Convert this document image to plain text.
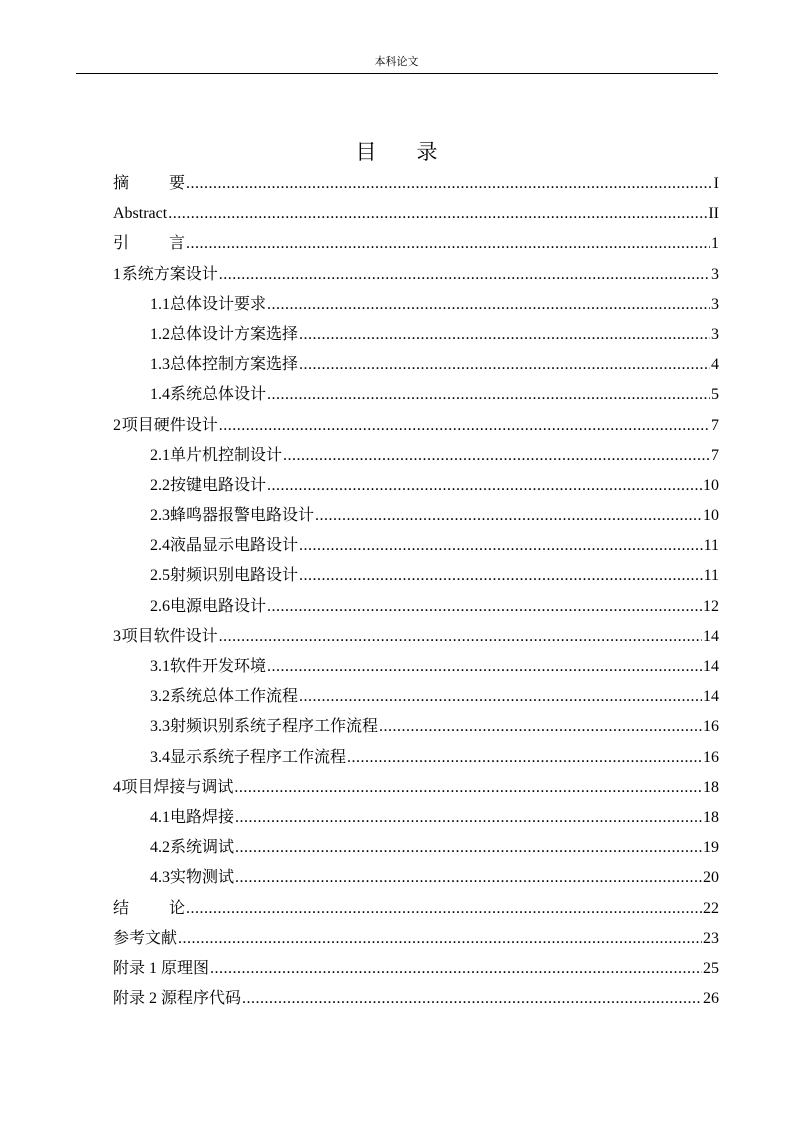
本科论文
目录
摘要 .....	I
Abstract .....	II
引言 .....	1
1 系统方案设计 .....	3
1.1 总体设计要求 .....	3
1.2 总体设计方案选择 .....	3
1.3 总体控制方案选择 .....	4
1.4 系统总体设计 .....	5
2 项目硬件设计 .....	7
2.1 单片机控制设计 .....	7
2.2 按键电路设计 .....	10
2.3 蜂鸣器报警电路设计 .....	10
2.4 液晶显示电路设计 .....	11
2.5 射频识别电路设计 .....	11
2.6 电源电路设计 .....	12
3 项目软件设计 .....	14
3.1 软件开发环境 .....	14
3.2 系统总体工作流程 .....	14
3.3 射频识别系统子程序工作流程 .....	16
3.4 显示系统子程序工作流程 .....	16
4 项目焊接与调试 .....	18
4.1 电路焊接 .....	18
4.2 系统调试 .....	19
4.3 实物测试 .....	20
结论 .....	22
参考文献 .....	23
附录 1 原理图 .....	25
附录 2 源程序代码 .....	26
